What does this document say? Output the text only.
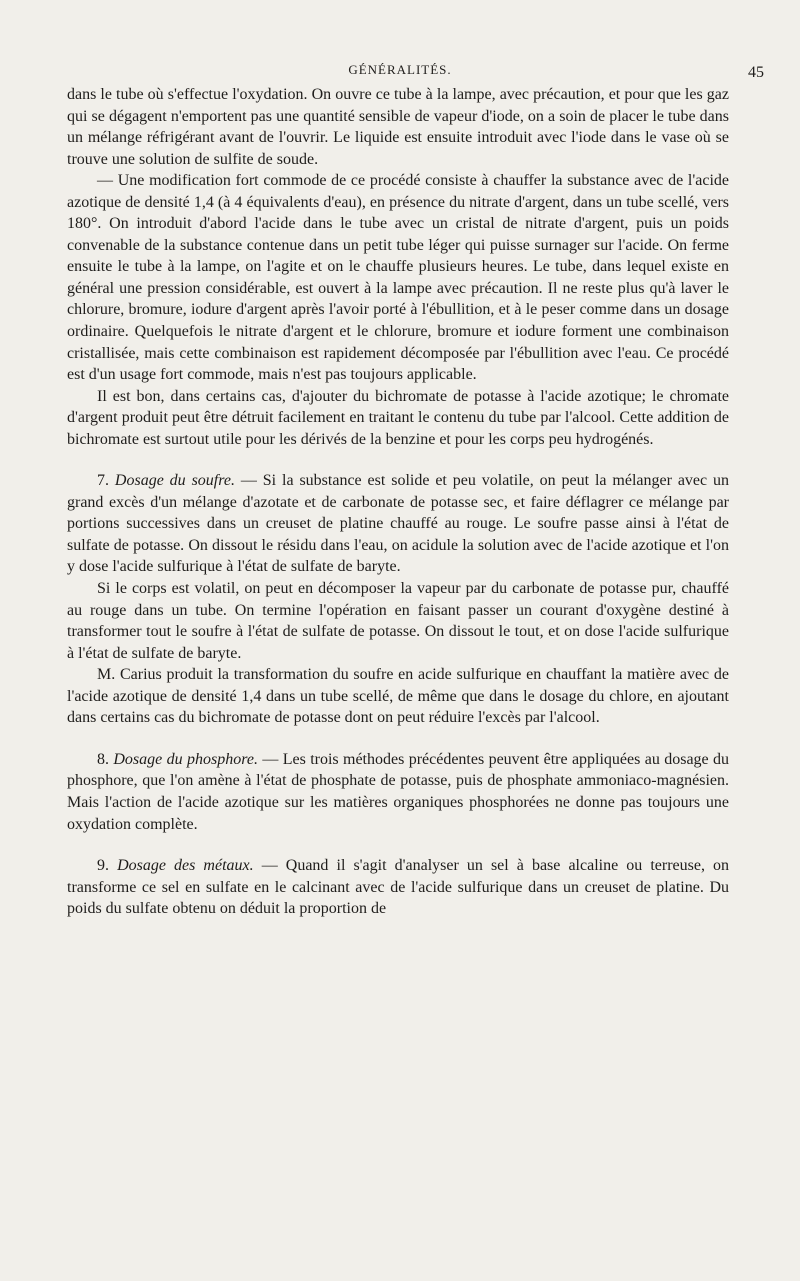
GÉNÉRALITÉS.	45

dans le tube où s'effectue l'oxydation. On ouvre ce tube à la lampe, avec précaution, et pour que les gaz qui se dégagent n'emportent pas une quantité sensible de vapeur d'iode, on a soin de placer le tube dans un mélange réfrigérant avant de l'ouvrir. Le liquide est ensuite introduit avec l'iode dans le vase où se trouve une solution de sulfite de soude.

— Une modification fort commode de ce procédé consiste à chauffer la substance avec de l'acide azotique de densité 1,4 (à 4 équivalents d'eau), en présence du nitrate d'argent, dans un tube scellé, vers 180°. On introduit d'abord l'acide dans le tube avec un cristal de nitrate d'argent, puis un poids convenable de la substance contenue dans un petit tube léger qui puisse surnager sur l'acide. On ferme ensuite le tube à la lampe, on l'agite et on le chauffe plusieurs heures. Le tube, dans lequel existe en général une pression considérable, est ouvert à la lampe avec précaution. Il ne reste plus qu'à laver le chlorure, bromure, iodure d'argent après l'avoir porté à l'ébullition, et à le peser comme dans un dosage ordinaire. Quelquefois le nitrate d'argent et le chlorure, bromure et iodure forment une combinaison cristallisée, mais cette combinaison est rapidement décomposée par l'ébullition avec l'eau. Ce procédé est d'un usage fort commode, mais n'est pas toujours applicable.

Il est bon, dans certains cas, d'ajouter du bichromate de potasse à l'acide azotique; le chromate d'argent produit peut être détruit facilement en traitant le contenu du tube par l'alcool. Cette addition de bichromate est surtout utile pour les dérivés de la benzine et pour les corps peu hydrogénés.

7. Dosage du soufre. — Si la substance est solide et peu volatile, on peut la mélanger avec un grand excès d'un mélange d'azotate et de carbonate de potasse sec, et faire déflagrer ce mélange par portions successives dans un creuset de platine chauffé au rouge. Le soufre passe ainsi à l'état de sulfate de potasse. On dissout le résidu dans l'eau, on acidule la solution avec de l'acide azotique et l'on y dose l'acide sulfurique à l'état de sulfate de baryte.

Si le corps est volatil, on peut en décomposer la vapeur par du carbonate de potasse pur, chauffé au rouge dans un tube. On termine l'opération en faisant passer un courant d'oxygène destiné à transformer tout le soufre à l'état de sulfate de potasse. On dissout le tout, et on dose l'acide sulfurique à l'état de sulfate de baryte.

M. Carius produit la transformation du soufre en acide sulfurique en chauffant la matière avec de l'acide azotique de densité 1,4 dans un tube scellé, de même que dans le dosage du chlore, en ajoutant dans certains cas du bichromate de potasse dont on peut réduire l'excès par l'alcool.

8. Dosage du phosphore. — Les trois méthodes précédentes peuvent être appliquées au dosage du phosphore, que l'on amène à l'état de phosphate de potasse, puis de phosphate ammoniaco-magnésien. Mais l'action de l'acide azotique sur les matières organiques phosphorées ne donne pas toujours une oxydation complète.

9. Dosage des métaux. — Quand il s'agit d'analyser un sel à base alcaline ou terreuse, on transforme ce sel en sulfate en le calcinant avec de l'acide sulfurique dans un creuset de platine. Du poids du sulfate obtenu on déduit la proportion de
